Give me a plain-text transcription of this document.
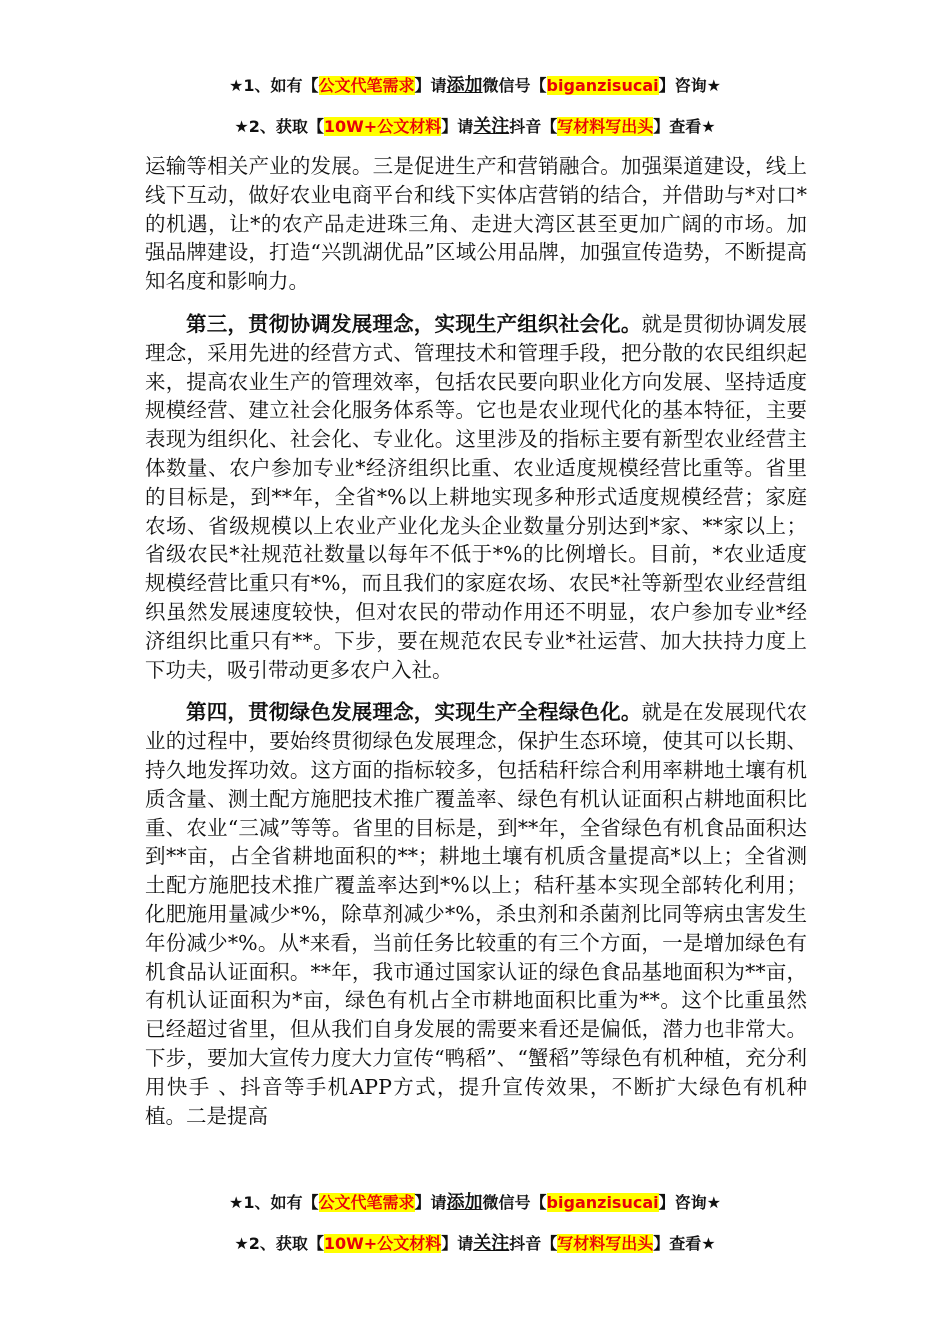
★1、如有【公文代笔需求】请添加微信号【biganzisucai】咨询★
★2、获取【10W+公文材料】请关注抖音【写材料写出头】查看★

运输等相关产业的发展。三是促进生产和营销融合。加强渠道建设，线上线下互动，做好农业电商平台和线下实体店营销的结合，并借助与*对口*的机遇，让*的农产品走进珠三角、走进大湾区甚至更加广阔的市场。加强品牌建设，打造“兴凯湖优品”区域公用品牌，加强宣传造势，不断提高知名度和影响力。

第三，贯彻协调发展理念，实现生产组织社会化。就是贯彻协调发展理念，采用先进的经营方式、管理技术和管理手段，把分散的农民组织起来，提高农业生产的管理效率，包括农民要向职业化方向发展、坚持适度规模经营、建立社会化服务体系等。它也是农业现代化的基本特征，主要表现为组织化、社会化、专业化。这里涉及的指标主要有新型农业经营主体数量、农户参加专业*经济组织比重、农业适度规模经营比重等。省里的目标是，到**年，全省*%以上耕地实现多种形式适度规模经营；家庭农场、省级规模以上农业产业化龙头企业数量分别达到*家、**家以上；省级农民*社规范社数量以每年不低于*%的比例增长。目前，*农业适度规模经营比重只有*%，而且我们的家庭农场、农民*社等新型农业经营组织虽然发展速度较快，但对农民的带动作用还不明显，农户参加专业*经济组织比重只有**。下步，要在规范农民专业*社运营、加大扶持力度上下功夫，吸引带动更多农户入社。

第四，贯彻绿色发展理念，实现生产全程绿色化。就是在发展现代农业的过程中，要始终贯彻绿色发展理念，保护生态环境，使其可以长期、持久地发挥功效。这方面的指标较多，包括秸秆综合利用率耕地土壤有机质含量、测土配方施肥技术推广覆盖率、绿色有机认证面积占耕地面积比重、农业“三减”等等。省里的目标是，到**年，全省绿色有机食品面积达到**亩，占全省耕地面积的**；耕地土壤有机质含量提高*以上；全省测土配方施肥技术推广覆盖率达到*%以上；秸秆基本实现全部转化利用；化肥施用量减少*%，除草剂减少*%，杀虫剂和杀菌剂比同等病虫害发生年份减少*%。从*来看，当前任务比较重的有三个方面，一是增加绿色有机食品认证面积。**年，我市通过国家认证的绿色食品基地面积为**亩，有机认证面积为*亩，绿色有机占全市耕地面积比重为**。这个比重虽然已经超过省里，但从我们自身发展的需要来看还是偏低，潜力也非常大。下步，要加大宣传力度大力宣传“鸭稻”、“蟹稻”等绿色有机种植，充分利用快手 、抖音等手机APP方式，提升宣传效果，不断扩大绿色有机种植。二是提高

★1、如有【公文代笔需求】请添加微信号【biganzisucai】咨询★
★2、获取【10W+公文材料】请关注抖音【写材料写出头】查看★
